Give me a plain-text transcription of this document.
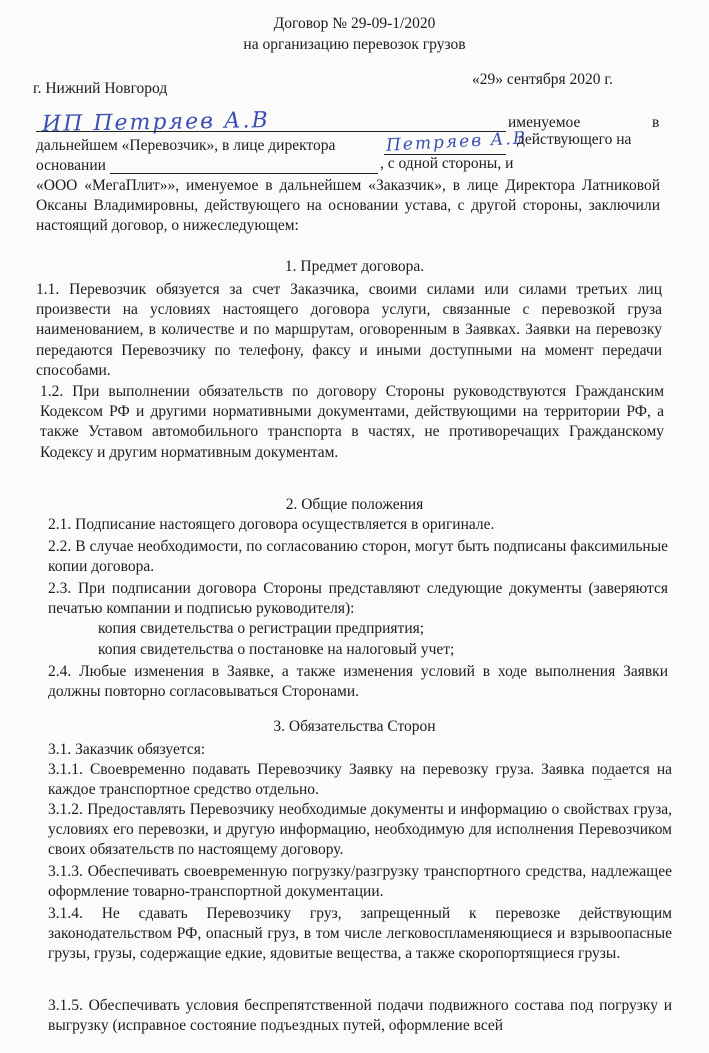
Договор № 29-09-1/2020
на организацию перевозок грузов
г. Нижний Новгород
«29» сентября 2020 г.
ИП Петряев А.В	именуемое	в
дальнейшем «Перевозчик», в лице директора	Петряев А.В
действующего на
основании	, с одной стороны, и
«ООО «МегаПлит»», именуемое в дальнейшем «Заказчик», в лице Директора Латниковой Оксаны Владимировны, действующего на основании устава, с другой стороны, заключили настоящий договор, о нижеследующем:
1. Предмет договора.
1.1. Перевозчик обязуется за счет Заказчика, своими силами или силами третьих лиц произвести на условиях настоящего договора услуги, связанные с перевозкой груза наименованием, в количестве и по маршрутам, оговоренным в Заявках. Заявки на перевозку передаются Перевозчику по телефону, факсу и иными доступными на момент передачи способами.
1.2. При выполнении обязательств по договору Стороны руководствуются Гражданским Кодексом РФ и другими нормативными документами, действующими на территории РФ, а также Уставом автомобильного транспорта в частях, не противоречащих Гражданскому Кодексу и другим нормативным документам.
2. Общие положения
2.1. Подписание настоящего договора осуществляется в оригинале.
2.2. В случае необходимости, по согласованию сторон, могут быть подписаны факсимильные копии договора.
2.3. При подписании договора Стороны представляют следующие документы (заверяются печатью компании и подписью руководителя):
копия свидетельства о регистрации предприятия;
копия свидетельства о постановке на налоговый учет;
2.4. Любые изменения в Заявке, а также изменения условий в ходе выполнения Заявки должны повторно согласовываться Сторонами.
3. Обязательства Сторон
3.1. Заказчик обязуется:
3.1.1. Своевременно подавать Перевозчику Заявку на перевозку груза. Заявка подается на каждое транспортное средство отдельно.
3.1.2. Предоставлять Перевозчику необходимые документы и информацию о свойствах груза, условиях его перевозки, и другую информацию, необходимую для исполнения Перевозчиком своих обязательств по настоящему договору.
3.1.3. Обеспечивать своевременную погрузку/разгрузку транспортного средства, надлежащее оформление товарно-транспортной документации.
3.1.4. Не сдавать Перевозчику груз, запрещенный к перевозке действующим законодательством РФ, опасный груз, в том числе легковоспламеняющиеся и взрывоопасные грузы, грузы, содержащие едкие, ядовитые вещества, а также скоропортящиеся грузы.
3.1.5. Обеспечивать условия беспрепятственной подачи подвижного состава под погрузку и выгрузку (исправное состояние подъездных путей, оформление всей
